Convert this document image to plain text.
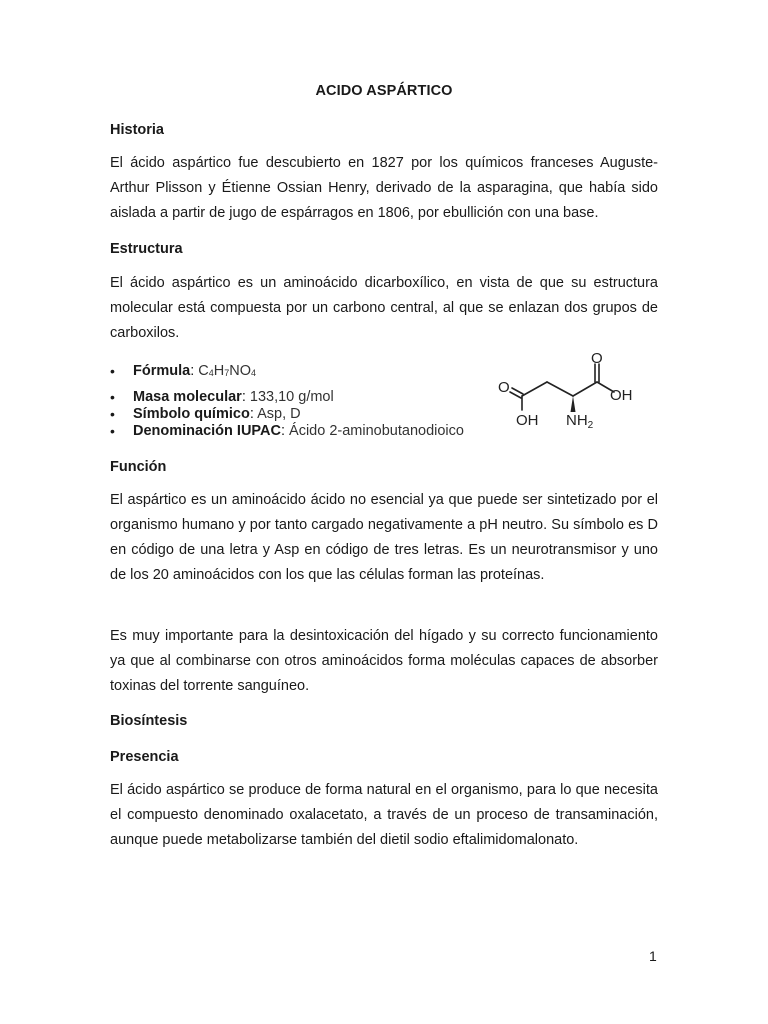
ACIDO ASPÁRTICO
Historia
El ácido aspártico fue descubierto en 1827 por los químicos franceses Auguste-Arthur Plisson y Étienne Ossian Henry, derivado de la asparagina, que había sido aislada a partir de jugo de espárragos en 1806, por ebullición con una base.
Estructura
El ácido aspártico es un aminoácido dicarboxílico, en vista de que su estructura molecular está compuesta por un carbono central, al que se enlazan dos grupos de carboxilos.
• Fórmula: $C_4H_7NO_4$
• Masa molecular: 133,10 g/mol
• Símbolo químico: Asp, D
• Denominación IUPAC: Ácido 2-aminobutanodioico
Función
El aspártico es un aminoácido ácido no esencial ya que puede ser sintetizado por el organismo humano y por tanto cargado negativamente a pH neutro. Su símbolo es D en código de una letra y Asp en código de tres letras. Es un neurotransmisor y uno de los 20 aminoácidos con los que las células forman las proteínas.
Es muy importante para la desintoxicación del hígado y su correcto funcionamiento ya que al combinarse con otros aminoácidos forma moléculas capaces de absorber toxinas del torrente sanguíneo.
Biosíntesis
Presencia
El ácido aspártico se produce de forma natural en el organismo, para lo que necesita el compuesto denominado oxalacetato, a través de un proceso de transaminación, aunque puede metabolizarse también del dietil sodio eftalimidomalonato.
O
OH
O
OH $NH_2$
1
